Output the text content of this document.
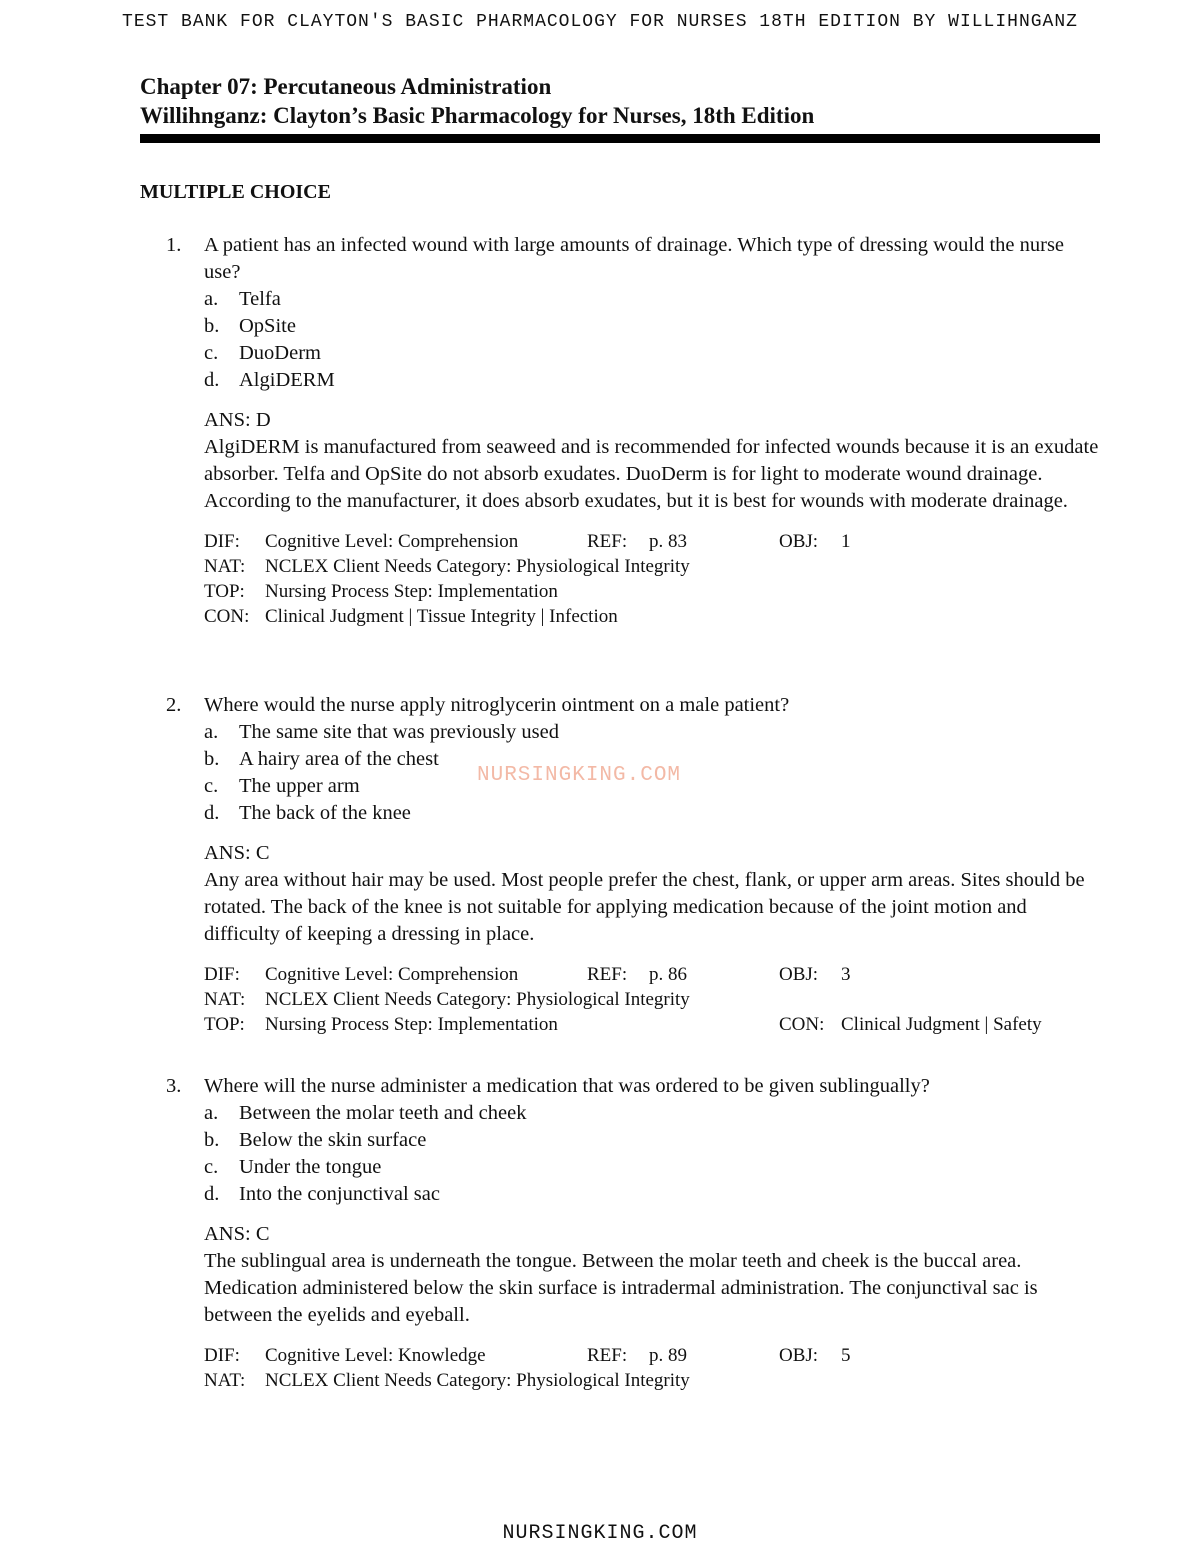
TEST BANK FOR CLAYTON'S BASIC PHARMACOLOGY FOR NURSES 18TH EDITION BY WILLIHNGANZ
Chapter 07: Percutaneous Administration
Willihnganz: Clayton’s Basic Pharmacology for Nurses, 18th Edition
MULTIPLE CHOICE
1. A patient has an infected wound with large amounts of drainage. Which type of dressing would the nurse use?
a. Telfa
b. OpSite
c. DuoDerm
d. AlgiDERM
ANS: D
AlgiDERM is manufactured from seaweed and is recommended for infected wounds because it is an exudate absorber. Telfa and OpSite do not absorb exudates. DuoDerm is for light to moderate wound drainage. According to the manufacturer, it does absorb exudates, but it is best for wounds with moderate drainage.
DIF: Cognitive Level: Comprehension	REF: p. 83	OBJ: 1
NAT: NCLEX Client Needs Category: Physiological Integrity
TOP: Nursing Process Step: Implementation
CON: Clinical Judgment | Tissue Integrity | Infection
2. Where would the nurse apply nitroglycerin ointment on a male patient?
a. The same site that was previously used
b. A hairy area of the chest
c. The upper arm
d. The back of the knee
ANS: C
Any area without hair may be used. Most people prefer the chest, flank, or upper arm areas. Sites should be rotated. The back of the knee is not suitable for applying medication because of the joint motion and difficulty of keeping a dressing in place.
DIF: Cognitive Level: Comprehension	REF: p. 86	OBJ: 3
NAT: NCLEX Client Needs Category: Physiological Integrity
TOP: Nursing Process Step: Implementation	CON: Clinical Judgment | Safety
3. Where will the nurse administer a medication that was ordered to be given sublingually?
a. Between the molar teeth and cheek
b. Below the skin surface
c. Under the tongue
d. Into the conjunctival sac
ANS: C
The sublingual area is underneath the tongue. Between the molar teeth and cheek is the buccal area. Medication administered below the skin surface is intradermal administration. The conjunctival sac is between the eyelids and eyeball.
DIF: Cognitive Level: Knowledge	REF: p. 89	OBJ: 5
NAT: NCLEX Client Needs Category: Physiological Integrity
NURSINGKING.COM
NURSINGKING.COM
